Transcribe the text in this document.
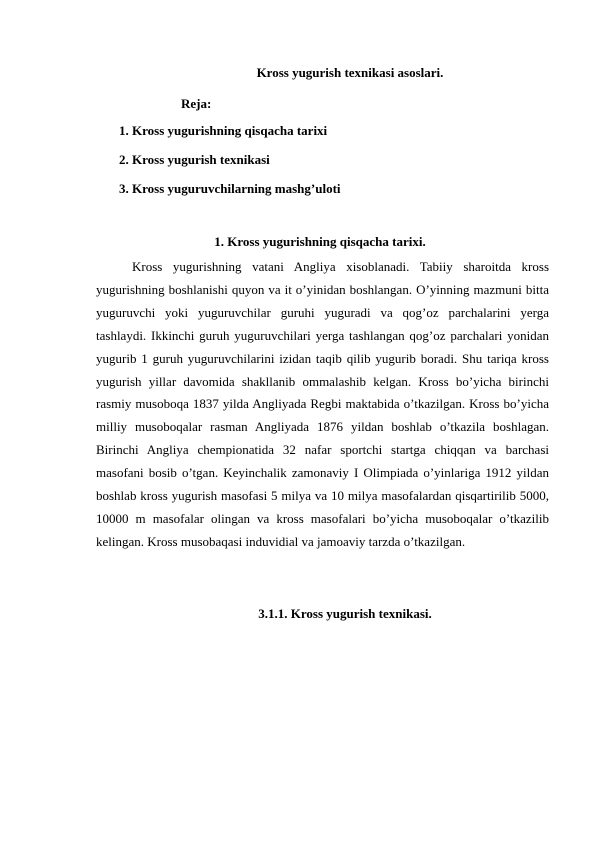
Kross yugurish texnikasi asoslari.
Reja:
1. Kross yugurishning qisqacha tarixi
2. Kross yugurish texnikasi
3. Kross yuguruvchilarning mashg’uloti
1. Kross yugurishning qisqacha tarixi.

Kross yugurishning vatani Angliya xisoblanadi. Tabiiy sharoitda kross yugurishning boshlanishi quyon va it o’yinidan boshlangan. O’yinning mazmuni bitta yuguruvchi yoki yuguruvchilar guruhi yuguradi va qog’oz parchalarini yerga tashlaydi. Ikkinchi guruh yuguruvchilari yerga tashlangan qog’oz parchalari yonidan yugurib 1 guruh yuguruvchilarini izidan taqib qilib yugurib boradi. Shu tariqa kross yugurish yillar davomida shakllanib ommalashib kelgan. Kross bo’yicha birinchi rasmiy musoboqa 1837 yilda Angliyada Regbi maktabida o’tkazilgan. Kross bo’yicha milliy musoboqalar rasman Angliyada 1876 yildan boshlab o’tkazila boshlagan. Birinchi Angliya chempionatida 32 nafar sportchi startga chiqqan va barchasi masofani bosib o’tgan. Keyinchalik zamonaviy I Olimpiada o’yinlariga 1912 yildan boshlab kross yugurish masofasi 5 milya va 10 milya masofalardan qisqartirilib 5000, 10000 m masofalar olingan va kross masofalari bo’yicha musoboqalar o’tkazilib kelingan. Kross musobaqasi induvidial va jamoaviy tarzda o’tkazilgan.

3.1.1. Kross yugurish texnikasi.
